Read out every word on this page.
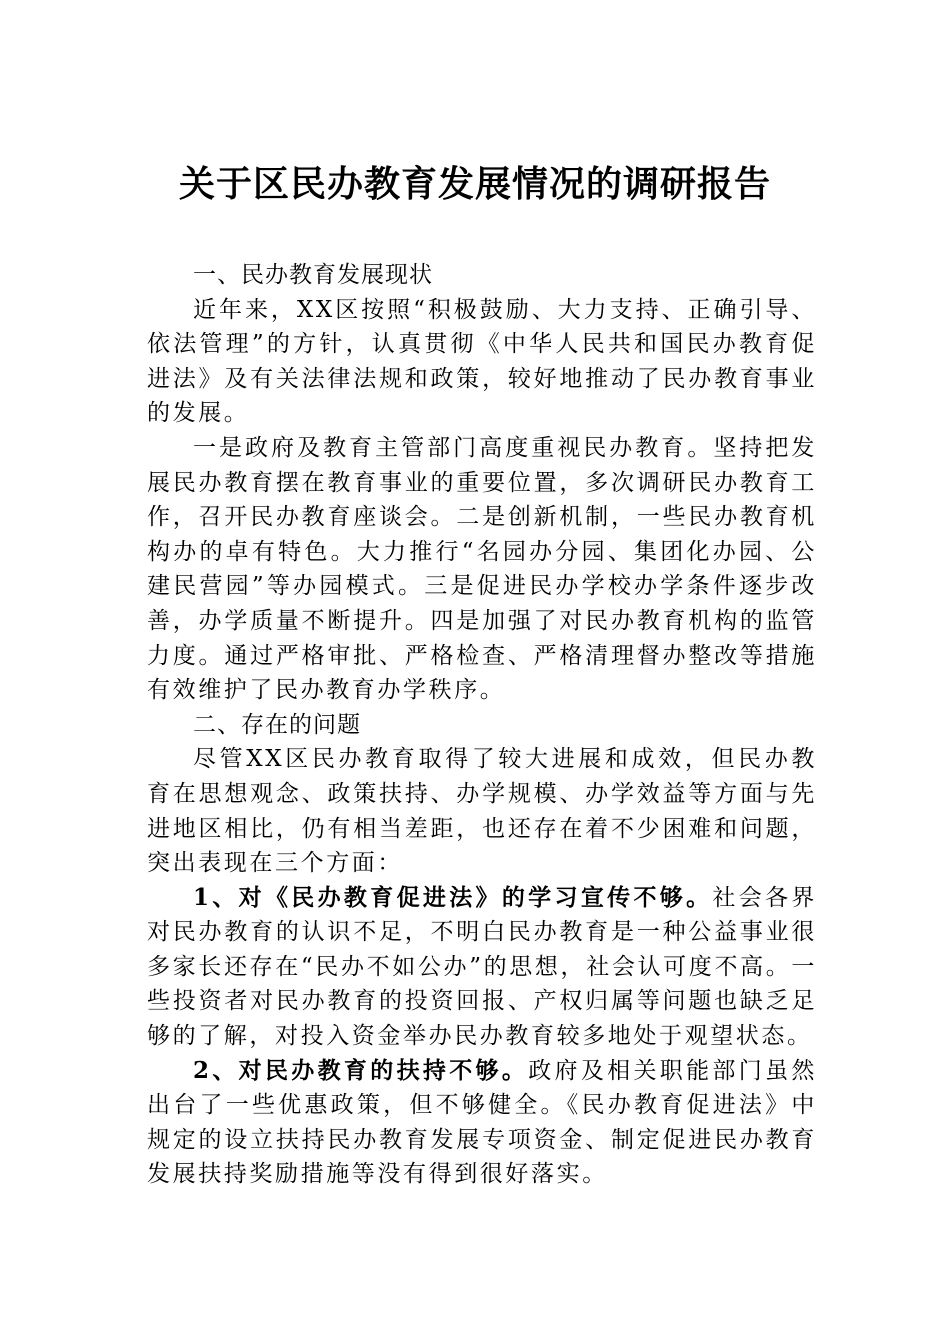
关于区民办教育发展情况的调研报告

一、民办教育发展现状

近年来，XX区按照“积极鼓励、大力支持、正确引导、依法管理”的方针，认真贯彻《中华人民共和国民办教育促进法》及有关法律法规和政策，较好地推动了民办教育事业的发展。

一是政府及教育主管部门高度重视民办教育。坚持把发展民办教育摆在教育事业的重要位置，多次调研民办教育工作，召开民办教育座谈会。二是创新机制，一些民办教育机构办的卓有特色。大力推行“名园办分园、集团化办园、公建民营园”等办园模式。三是促进民办学校办学条件逐步改善，办学质量不断提升。四是加强了对民办教育机构的监管力度。通过严格审批、严格检查、严格清理督办整改等措施有效维护了民办教育办学秩序。

二、存在的问题

尽管XX区民办教育取得了较大进展和成效，但民办教育在思想观念、政策扶持、办学规模、办学效益等方面与先进地区相比，仍有相当差距，也还存在着不少困难和问题，突出表现在三个方面：

1、对《民办教育促进法》的学习宣传不够。社会各界对民办教育的认识不足，不明白民办教育是一种公益事业很多家长还存在“民办不如公办”的思想，社会认可度不高。一些投资者对民办教育的投资回报、产权归属等问题也缺乏足够的了解，对投入资金举办民办教育较多地处于观望状态。

2、对民办教育的扶持不够。政府及相关职能部门虽然出台了一些优惠政策，但不够健全。《民办教育促进法》中规定的设立扶持民办教育发展专项资金、制定促进民办教育发展扶持奖励措施等没有得到很好落实。
